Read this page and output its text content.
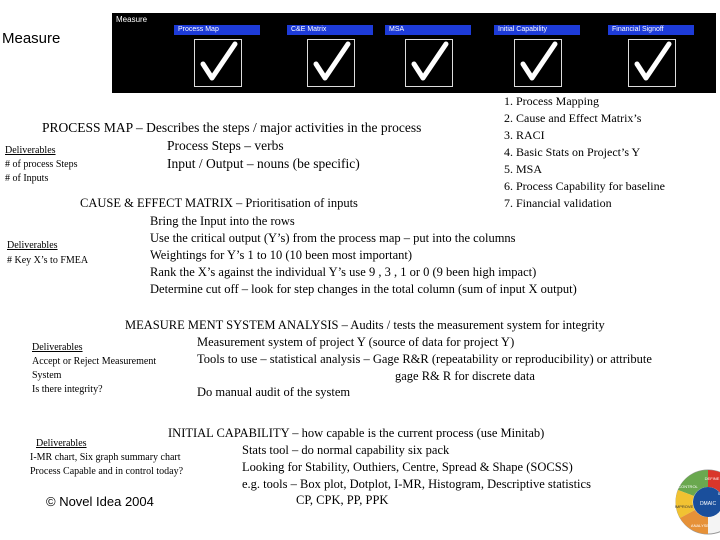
Measure
Measure
Process Map	C&E Matrix	MSA	Initial Capability	Financial Signoff
1. Process Mapping
2. Cause and Effect Matrix’s
3. RACI
4. Basic Stats on Project’s Y
5. MSA
6. Process Capability for baseline
7. Financial validation
PROCESS MAP – Describes the steps / major activities in the process
Process Steps – verbs
Input / Output – nouns (be specific)
Deliverables
# of process Steps
# of Inputs
CAUSE & EFFECT MATRIX – Prioritisation of inputs
Bring the Input into the rows
Use the critical output (Y’s) from the process map – put into the columns
Weightings for Y’s 1 to 10 (10 been most important)
Rank the X’s against the individual Y’s use 9 , 3 , 1 or 0 (9 been high impact)
Determine cut off – look for step changes in the total column (sum of input X output)
Deliverables
# Key X’s to FMEA
MEASURE MENT SYSTEM ANALYSIS – Audits / tests the measurement system for integrity
Measurement system of project Y (source of data for project Y)
Tools to use – statistical analysis – Gage R&R (repeatability or reproducibility) or attribute
gage R& R for discrete data
Do manual audit of the system
Deliverables
Accept or Reject Measurement
System
Is there integrity?
INITIAL CAPABILITY – how capable is the current process (use Minitab)
Stats tool – do normal capability six pack
Looking for Stability, Outhiers, Centre, Spread & Shape (SOCSS)
e.g. tools – Box plot, Dotplot, I-MR, Histogram, Descriptive statistics
CP, CPK, PP, PPK
Deliverables
I-MR chart, Six graph summary chart
Process Capable and in control today?
© Novel Idea 2004	DMAIC
DEFINE
CONTROL
IMPROVE
ANALYSE
